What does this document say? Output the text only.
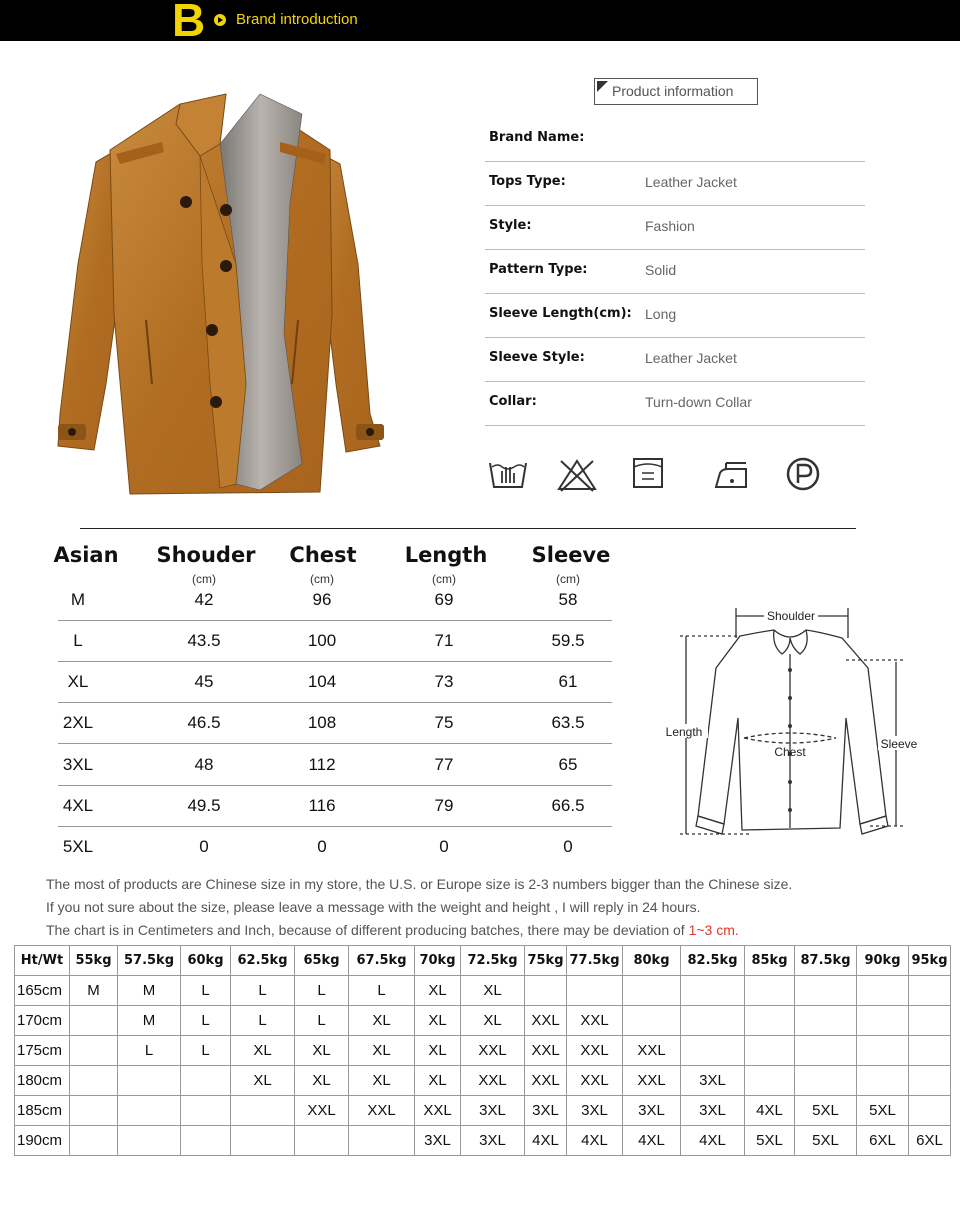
B Brand introduction
Product information
Brand Name:
Tops Type:	Leather Jacket
Style:	Fashion
Pattern Type:	Solid
Sleeve Length(cm): Long
Sleeve Style:	Leather Jacket
Collar:	Turn-down Collar
Asian	Shouder	Chest	Length	Sleeve
(cm)	(cm)	(cm)	(cm)
M	42	96	69	58
L	43.5	100	71	59.5
XL	45	104	73	61
2XL	46.5	108	75	63.5
3XL	48	112	77	65
4XL	49.5	116	79	66.5
5XL	0	0	0	0
Shoulder
Length
Chest
Sleeve
The most of products are Chinese size in my store, the U.S. or Europe size is 2-3 numbers bigger than the Chinese size.
If you not sure about the size, please leave a message with the weight and height , I will reply in 24 hours.
The chart is in Centimeters and Inch, because of different producing batches, there may be deviation of 1~3 cm.
Ht/Wt	55kg	57.5kg	60kg	62.5kg	65kg	67.5kg	70kg	72.5kg	75kg	77.5kg	80kg	82.5kg	85kg	87.5kg	90kg	95kg
165cm	M	M	L	L	L	L	XL	XL								
170cm		M	L	L	L	XL	XL	XL	XXL	XXL						
175cm		L	L	XL	XL	XL	XL	XXL	XXL	XXL	XXL					
180cm				XL	XL	XL	XL	XXL	XXL	XXL	XXL	3XL				
185cm					XXL	XXL	XXL	3XL	3XL	3XL	3XL	3XL	4XL	5XL	5XL	
190cm							3XL	3XL	4XL	4XL	4XL	4XL	5XL	5XL	6XL	6XL
